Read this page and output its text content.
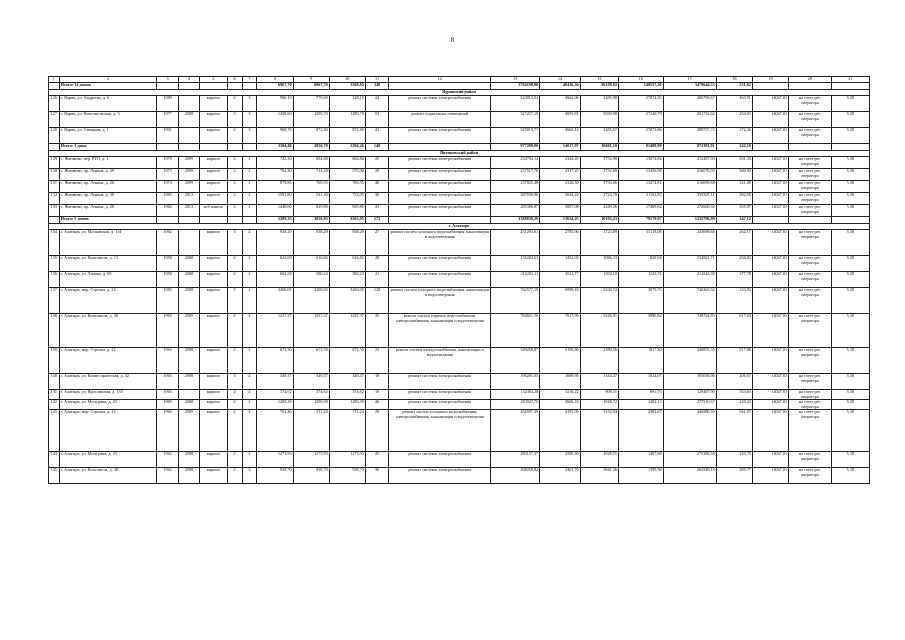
8
1	2	3	4	5	6	7	8	9	10	11	12	13	14	15	16	17	18	19	20	21
	Итого: 14 домов						6967,70	6967,70	5569,85	348		3704198,90	48436,36	36199,82	140557,20	3479644,53	531,62			
Ядринский район																				
126	г. Ядрин, ул. Андреева, д. 6	1989		кирпич	2	3	986,10	770,60	128,19	44	ремонт системы электроснабжения	323013,04	4662,06	3485,98	27974,35	286790,67	463,91	14047,81	на счете рег. оператора	5,38
127	г. Ядрин, ул. Комсомольская, д. 3	1977	2009	кирпич	3	3	1439,60	1289,70	1289,70	53	ремонт подвальных помещений	327257,19	4693,81	3569,98	27240,78	291752,62	254,93	14047,81	на счете рег. оператора	5,38
128	г. Ядрин, ул. Северная, д. 1	1991		кирпич	2	3	968,70	872,80	872,80	43	ремонт системы электроснабжения	325019,77	4662,12	3485,67	27073,86	289797,72	372,36	14047,81	на счете рег. оператора	5,38
	Итого: 3 дома						3394,40	2856,70	2294,26	140		977289,00	14017,97	10401,10	81408,99	871381,01	342,10			
Янтиковский район																				
129	с. Янтиково, пер. РТП, д. 1	1979	2009	кирпич	2	2	743,30	694,80	694,80	25	ремонт системы электроснабжения	234704,14	2344,45	1752,90	13674,84	212497,93	331,33	14047,81	на счете рег. оператора	5,38
130	с. Янтиково, пр. Ленина, д. 29	1973	2009	кирпич	2	2	764,30	714,20	575,90	29	ремонт системы электроснабжения	237517,76	2317,25	1732,69	13456,98	216076,93	340,93	14047,81	на счете рег. оператора	5,38
131	с. Янтиково, пр. Ленина, д. 26	1974	2009	кирпич	2	2	879,85	769,55	769,55	40	ремонт системы электроснабжения	237825,48	2326,50	1734,66	13474,81	216059,68	321,09	14047,81	на счете рег. оператора	5,38
132	с. Янтиково, пр. Ленина, д. 30	1983	2013	кирпич	2	2	1591,80	911,30	733,05	36	ремонт системы электроснабжения	387836,96	3644,22	2724,78	21162,85	359307,11	392,58	14047,81	на счете рег. оператора	5,38
133	с. Янтиково, пр. Ленина, д. 28	1962	2013	ж/б панель	2	2	1440,60	829,80	829,80	43	ремонт системы электроснабжения	285386,87	3007,08	2249,26	17469,62	272660,94	355,97	14047,81	на счете рег. оператора	5,38
	Итого: 5 домов						5209,35	3856,85	3563,05	173		1388830,29	13634,25	10193,23	79179,07	1235796,99	347,12			
г. Алатырь																				
134	г. Алатырь, ул. Московская, д. 114	1962		кирпич	3	2	938,29	938,29	938,29	27	ремонт систем холодного водоснабжения, канализации и водоотведения	251293,61	2785,96	1723,89	13118,08	243699,68	262,17	14047,81	на счете рег. оператора	5,38
135	г. Алатырь, ул. Комсомола, д. 13	1958	2008	кирпич	2	2	623,00	616,82	616,82	28	ремонт системы электроснабжения	156284,63	1452,03	1086,33	828,94	154921,71	256,02	14047,81	на счете рег. оператора	5,38
136	г. Алатырь, ул. Ленина, д. 69	1958	2008	кирпич	2	2	602,58	580,24	580,24	21	ремонт системы электроснабжения	213201,11	2011,77	1504,10	1143,74	214544,30	377,78	14047,81	на счете рег. оператора	5,38
137	г. Алатырь, мкр. Стрелка, д. 23	1983	2009	кирпич	5	4	3260,05	3260,03	3260,05	128	ремонт систем холодного водоснабжения, канализации и водоотведения	762577,19	6999,18	5230,74	3979,75	746363,52	233,92	14047,81	на счете рег. оператора	5,38
138	г. Алатырь, ул. Комсомола, д. 30	1963	2009	кирпич	4	2	1237,37	1237,37	1237,37	35	ремонт систем горячего водоснабжения, электроснабжения, канализации и водоотведения	764021,50	7017,99	5246,81	3990,82	748764,83	617,94	14047,81	на счете рег. оператора	5,38
139	г. Алатырь, мкр. Стрелка, д. 22	1963	2008	кирпич	2	2	672,50	672,50	672,50	22	ремонт систем электроснабжения, канализации и водоотведения	349258,87	3196,86	2389,56	1817,30	346855,35	517,86	14047,81	на счете рег. оператора	5,38
140	г. Алатырь, ул. Комиссариатская, д. 42	1963	2008	кирпич	3	2	349,37	349,37	349,37	18	ремонт системы электроснабжения	196201,65	1690,95	1344,47	1024,07	193036,96	206,67	14047,81	на счете рег. оператора	5,38
141	г. Алатырь, ул. Ярославская, д. 133	1963		кирпич	2	2	374,62	374,62	374,62	16	ремонт системы электроснабжения	132484,28	1216,22	909,31	691,53	129467,90	353,63	14047,81	на счете рег. оператора	5,38
142	г. Алатырь, ул. Мичурина, д. 23	1969	2008	кирпич	4	2	1289,39	1289,39	1289,39	46	ремонт системы электроснабжения	283947,70	2606,18	1948,72	1482,13	277910,67	220,22	14047,81	на счете рег. оператора	5,38
143	г. Алатырь, мкр. Стрелка, д. 23	1966	2009	кирпич	2	2	761,46	711,24	711,24	20	ремонт систем холодного водоснабжения, электроснабжения, канализации и водоотведения	456597,39	4191,09	3132,94	2382,67	446880,39	641,97	14047,81	на счете рег. оператора	5,38
144	г. Алатырь, ул. Мичурина, д. 23	1962	2008	кирпич	4	2	1273,93	1273,93	1273,93	45	ремонт системы электроснабжения	283157,37	2580,40	1928,51	1467,08	275180,38	220,70	14047,81	на счете рег. оператора	5,38
145	г. Алатырь, ул. Комсомола, д. 48	1962	2008	кирпич	2	3	938,70	938,70	938,70	36	ремонт системы электроснабжения	268250,82	2461,70	1841,36	1399,38	262548,18	285,77	14047,81	на счете рег. оператора	5,38
